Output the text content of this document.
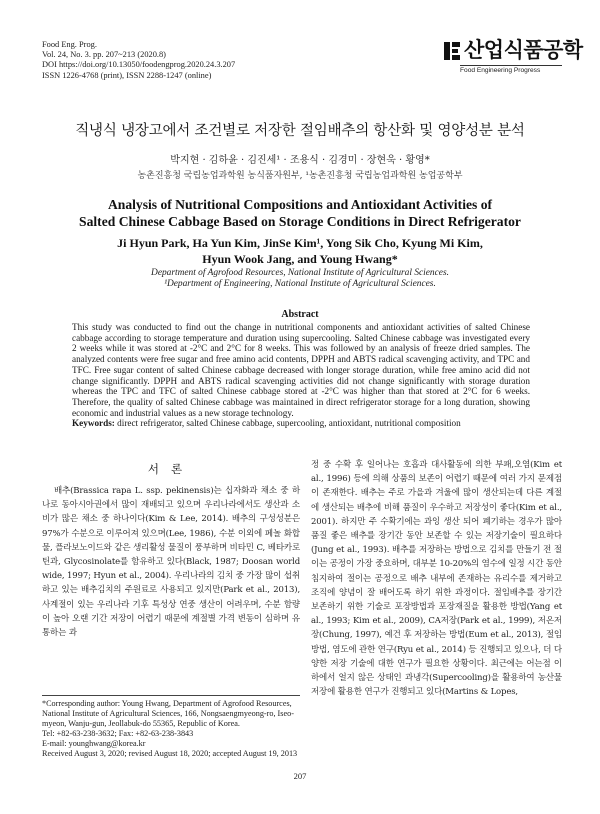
Food Eng. Prog.
Vol. 24, No. 3. pp. 207~213 (2020.8)
DOI https://doi.org/10.13050/foodengprog.2020.24.3.207
ISSN 1226-4768 (print), ISSN 2288-1247 (online)
산업식품공학
Food Engineering Progress
직냉식 냉장고에서 조건별로 저장한 절임배추의 항산화 및 영양성분 분석
박지현 · 김하윤 · 김진세¹ · 조용식 · 김경미 · 장현욱 · 황영*
농촌진흥청 국립농업과학원 농식품자원부, ¹농촌진흥청 국립농업과학원 농업공학부
Analysis of Nutritional Compositions and Antioxidant Activities of
Salted Chinese Cabbage Based on Storage Conditions in Direct Refrigerator
Ji Hyun Park, Ha Yun Kim, JinSe Kim¹, Yong Sik Cho, Kyung Mi Kim,
Hyun Wook Jang, and Young Hwang*
Department of Agrofood Resources, National Institute of Agricultural Sciences.
¹Department of Engineering, National Institute of Agricultural Sciences.
Abstract
This study was conducted to find out the change in nutritional components and antioxidant activities of salted Chinese cabbage according to storage temperature and duration using supercooling. Salted Chinese cabbage was investigated every 2 weeks while it was stored at -2°C and 2°C for 8 weeks. This was followed by an analysis of freeze dried samples. The analyzed contents were free sugar and free amino acid contents, DPPH and ABTS radical scavenging activity, and TPC and TFC. Free sugar content of salted Chinese cabbage decreased with longer storage duration, while free amino acid did not change significantly. DPPH and ABTS radical scavenging activities did not change significantly with storage duration whereas the TPC and TFC of salted Chinese cabbage stored at -2°C was higher than that stored at 2°C for 6 weeks. Therefore, the quality of salted Chinese cabbage was maintained in direct refrigerator storage for a long duration, showing economic and industrial values as a new storage technology.
Keywords: direct refrigerator, salted Chinese cabbage, supercooling, antioxidant, nutritional composition
서론

배추(Brassica rapa L. ssp. pekinensis)는 십자화과 채소 중 하나로 동아시아권에서 많이 재배되고 있으며 우리나라에서도 생산과 소비가 많은 채소 중 하나이다(Kim & Lee, 2014). 배추의 구성성분은 97%가 수분으로 이루어져 있으며(Lee, 1986), 수분 이외에 페놀 화합물, 플라보노이드와 같은 생리활성 물질이 풍부하며 비타민 C, 베타카로틴과, Glycosinolate를 함유하고 있다(Black, 1987; Doosan world wide, 1997; Hyun et al., 2004). 우리나라의 김치 중 가장 많이 섭취하고 있는 배추김치의 주원료로 사용되고 있지만(Park et al., 2013), 사계절이 있는 우리나라 기후 특성상 연중 생산이 어려우며, 수분 함량이 높아 오랜 기간 저장이 어렵기 때문에 계절별 가격 변동이 심하며 유통하는 과

정 중 수확 후 일어나는 호흡과 대사활동에 의한 부패,오염(Kim et al., 1996) 등에 의해 상품의 보존이 어렵기 때문에 여러 가지 문제점이 존재한다. 배추는 주로 가을과 겨울에 많이 생산되는데 다른 계절에 생산되는 배추에 비해 품질이 우수하고 저장성이 좋다(Kim et al., 2001). 하지만 주 수확기에는 과잉 생산 되어 폐기하는 경우가 많아 품질 좋은 배추를 장기간 동안 보존할 수 있는 저장기술이 필요하다(Jung et al., 1993). 배추를 저장하는 방법으로 김치를 만들기 전 절이는 공정이 가장 중요하며, 대부분 10-20%의 염수에 일정 시간 동안 침지하여 절이는 공정으로 배추 내부에 존재하는 유리수를 제거하고 조직에 양념이 잘 배어도록 하기 위한 과정이다. 절임배추를 장기간 보존하기 위한 기술로 포장방법과 포장재질을 활용한 방법(Yang et al., 1993; Kim et al., 2009), CA저장(Park et al., 1999), 저온저장(Chung, 1997), 예건 후 저장하는 방법(Eum et al., 2013), 절임 방법, 염도에 관한 연구(Ryu et al., 2014) 등 진행되고 있으나, 더 다양한 저장 기술에 대한 연구가 필요한 상황이다. 최근에는 어는점 이하에서 얼지 않은 상태인 과냉각(Supercooling)을 활용하여 농산물 저장에 활용한 연구가 진행되고 있다(Martins & Lopes,

*Corresponding author: Young Hwang, Department of Agrofood Resources, National Institute of Agricultural Sciences, 166, Nongsaengmyeong-ro, Iseo-myeon, Wanju-gun, Jeollabuk-do 55365, Republic of Korea.
Tel: +82-63-238-3632; Fax: +82-63-238-3843
E-mail: younghwang@korea.kr
Received August 3, 2020; revised August 18, 2020; accepted August 19, 2013
207
